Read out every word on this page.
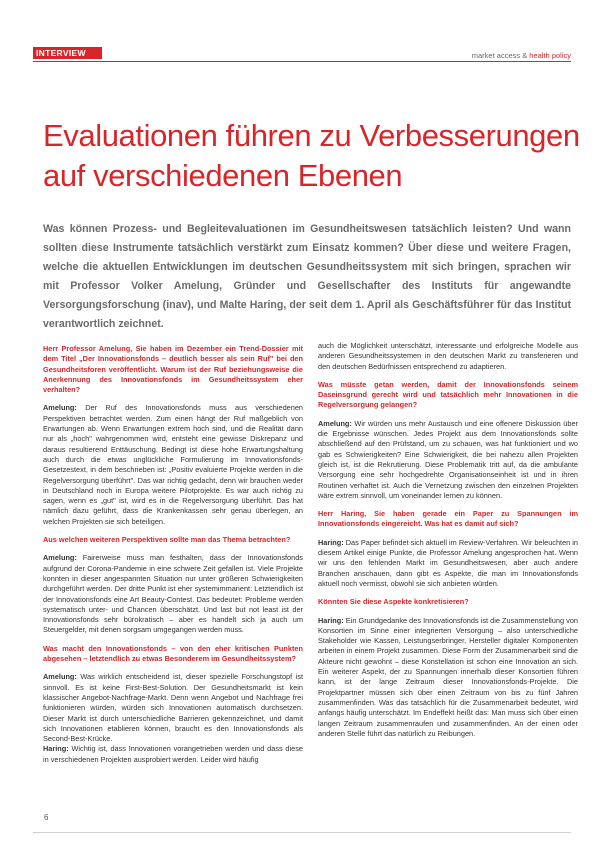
INTERVIEW	market access & health policy
Evaluationen führen zu Verbesserungen auf verschiedenen Ebenen

Was können Prozess- und Begleitevaluationen im Gesundheitswesen tatsächlich leisten? Und wann sollten diese Instrumente tatsächlich verstärkt zum Einsatz kommen? Über diese und weitere Fragen, welche die aktuellen Entwicklungen im deutschen Gesundheitssystem mit sich bringen, sprachen wir mit Professor Volker Amelung, Gründer und Gesellschafter des Instituts für angewandte Versorgungsforschung (inav), und Malte Haring, der seit dem 1. April als Geschäftsführer für das Institut verantwortlich zeichnet.

Herr Professor Amelung, Sie haben im Dezember ein Trend-Dossier mit dem Titel „Der Innovationsfonds – deutlich besser als sein Ruf" bei den Gesundheitsforen veröffentlicht. Warum ist der Ruf beziehungsweise die Anerkennung des Innovationsfonds im Gesundheitssystem eher verhalten?

Amelung: Der Ruf des Innovationsfonds muss aus verschiedenen Perspektiven betrachtet werden. Zum einen hängt der Ruf maßgeblich von Erwartungen ab. Wenn Erwartungen extrem hoch sind, und die Realität dann nur als „hoch" wahrgenommen wird, entsteht eine gewisse Diskrepanz und daraus resultierend Enttäuschung. Bedingt ist diese hohe Erwartungshaltung auch durch die etwas unglückliche Formulierung im Innovationsfonds-Gesetzestext, in dem beschrieben ist: „Positiv evaluierte Projekte werden in die Regelversorgung überführt". Das war richtig gedacht, denn wir brauchen weder in Deutschland noch in Europa weitere Pilotprojekte. Es war auch richtig zu sagen, wenn es „gut" ist, wird es in die Regelversorgung überführt. Das hat nämlich dazu geführt, dass die Krankenkassen sehr genau überlegen, an welchen Projekten sie sich beteiligen.

Aus welchen weiteren Perspektiven sollte man das Thema betrachten?

Amelung: Fairerweise muss man festhalten, dass der Innovationsfonds aufgrund der Corona-Pandemie in eine schwere Zeit gefallen ist. Viele Projekte konnten in dieser angespannten Situation nur unter größeren Schwierigkeiten durchgeführt werden. Der dritte Punkt ist eher systemimmanent: Letztendlich ist der Innovationsfonds eine Art Beauty-Contest. Das bedeutet: Probleme werden systematisch unter- und Chancen überschätzt. Und last but not least ist der Innovationsfonds sehr bürokratisch – aber es handelt sich ja auch um Steuergelder, mit denen sorgsam umgegangen werden muss.

Was macht den Innovationsfonds – von den eher kritischen Punkten abgesehen – letztendlich zu etwas Besonderem im Gesundheitssystem?

Amelung: Was wirklich entscheidend ist, dieser spezielle Forschungstopf ist sinnvoll. Es ist keine First-Best-Solution. Der Gesundheitsmarkt ist kein klassischer Angebot-Nachfrage-Markt. Denn wenn Angebot und Nachfrage frei funktionieren würden, würden sich Innovationen automatisch durchsetzen. Dieser Markt ist durch unterschiedliche Barrieren gekennzeichnet, und damit sich Innovationen etablieren können, braucht es den Innovationsfonds als Second-Best-Krücke.

Haring: Wichtig ist, dass Innovationen vorangetrieben werden und dass diese in verschiedenen Projekten ausprobiert werden. Leider wird häufig

auch die Möglichkeit unterschätzt, interessante und erfolgreiche Modelle aus anderen Gesundheitssystemen in den deutschen Markt zu transferieren und den deutschen Bedürfnissen entsprechend zu adaptieren.

Was müsste getan werden, damit der Innovationsfonds seinem Daseinsgrund gerecht wird und tatsächlich mehr Innovationen in die Regelversorgung gelangen?

Amelung: Wir würden uns mehr Austausch und eine offenere Diskussion über die Ergebnisse wünschen. Jedes Projekt aus dem Innovationsfonds sollte abschließend auf den Prüfstand, um zu schauen, was hat funktioniert und wo gab es Schwierigkeiten? Eine Schwierigkeit, die bei nahezu allen Projekten gleich ist, ist die Rekrutierung. Diese Problematik tritt auf, da die ambulante Versorgung eine sehr hochgedrehte Organisationseinheit ist und in ihren Routinen verhaftet ist. Auch die Vernetzung zwischen den einzelnen Projekten wäre extrem sinnvoll, um voneinander lernen zu können.

Herr Haring, Sie haben gerade ein Paper zu Spannungen im Innovationsfonds eingereicht. Was hat es damit auf sich?

Haring: Das Paper befindet sich aktuell im Review-Verfahren. Wir beleuchten in diesem Artikel einige Punkte, die Professor Amelung angesprochen hat. Wenn wir uns den fehlenden Markt im Gesundheitswesen, aber auch andere Branchen anschauen, dann gibt es Aspekte, die man im Innovationsfonds aktuell noch vermisst, obwohl sie sich anbieten würden.

Könnten Sie diese Aspekte konkretisieren?

Haring: Ein Grundgedanke des Innovationsfonds ist die Zusammenstellung von Konsortien im Sinne einer integrierten Versorgung – also unterschiedliche Stakeholder wie Kassen, Leistungserbringer, Hersteller digitaler Komponenten arbeiten in einem Projekt zusammen. Diese Form der Zusammenarbeit sind die Akteure nicht gewohnt – diese Konstellation ist schon eine Innovation an sich. Ein weiterer Aspekt, der zu Spannungen innerhalb dieser Konsortien führen kann, ist der lange Zeitraum dieser Innovationsfonds-Projekte. Die Projektpartner müssen sich über einen Zeitraum von bis zu fünf Jahren zusammenfinden. Was das tatsächlich für die Zusammenarbeit bedeutet, wird anfangs häufig unterschätzt. Im Endeffekt heißt das: Man muss sich über einen langen Zeitraum zusammenraufen und zusammenfinden. An der einen oder anderen Stelle führt das natürlich zu Reibungen.

6
